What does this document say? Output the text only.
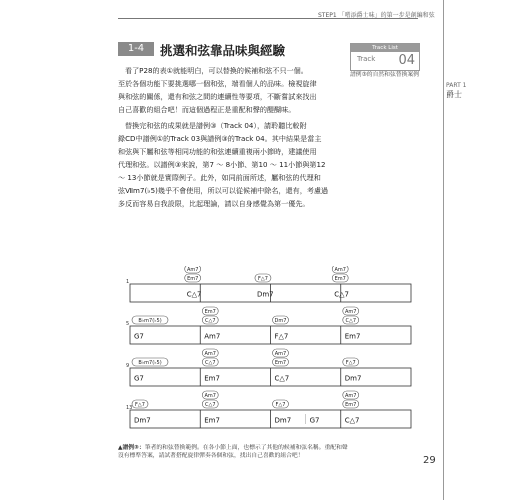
STEP1 「嗜添爵士味」的第一步是創編和弦
PART 1
爵士
1-4	挑選和弦靠品味與經驗	Track List
Track 04
譜例③的自然和弦替換案例
看了P28的表①就能明白，可以替換的候補和弦不只一個。
至於各個功能下要挑選哪一個和弦，端看個人的品味。檢視旋律
與和弦的關係，還有和弦之間的連續性等要項，不斷嘗試來找出
自己喜歡的組合吧！而這個過程正是重配和聲的醍醐味。
替換完和弦的成果就是譜例③（Track 04），請聆聽比較附
錄CD中譜例①的Track 03與譜例③的Track 04。其中結果是當主
和弦與下屬和弦等相同功能的和弦連續重複兩小節時，建議使用
代理和弦。以譜例③來說，第7 ～ 8小節、第10 ～ 11小節與第12
～ 13小節就是實際例子。此外，如同前面所述，屬和弦的代理和
弦Ⅶm7(♭5)幾乎不會使用，所以可以從候補中除名，還有，考慮過
多反而容易自我設限，比起理論，請以自身感覺為第一優先。
1
C△7
Am7
Em7
Dm7
F△7
C△7
Am7
Em7
5
G7
B♭m7(♭5)
Am7
Em7
C△7
F△7
Dm7
Em7
Am7
C△7
9
G7
B♭m7(♭5)
Em7
Am7
C△7
C△7
Am7
Em7
Dm7
F△7
13
Dm7
F△7
Em7
Am7
C△7
Dm7
F△7
G7	C△7
Am7
Em7
▲譜例③：筆者的和弦替換範例。在各小節上面，也標示了其他的候補和弦名稱。重配和聲
沒有標準答案，請試著搭配旋律彈奏各個和弦，找出自己喜歡的組合吧！	29
